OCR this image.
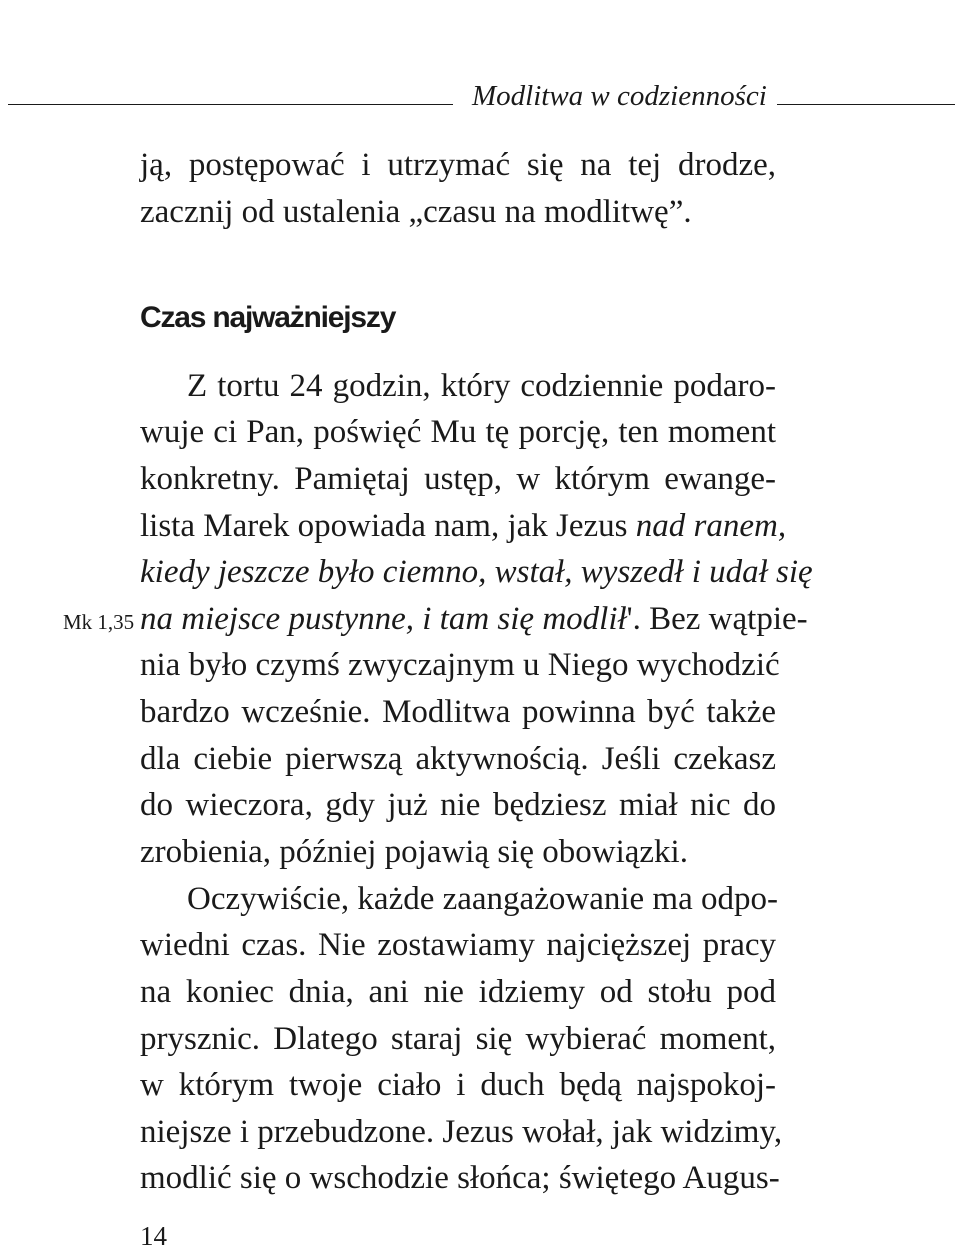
Modlitwa w codzienności
ją, postępować i utrzymać się na tej drodze,
zacznij od ustalenia „czasu na modlitwę”.
Czas najważniejszy
Z tortu 24 godzin, który codziennie podaro-
wuje ci Pan, poświęć Mu tę porcję, ten moment
konkretny. Pamiętaj ustęp, w którym ewange-
lista Marek opowiada nam, jak Jezus nad ranem,
kiedy jeszcze było ciemno, wstał, wyszedł i udał się
na miejsce pustynne, i tam się modlił'. Bez wątpie-
nia było czymś zwyczajnym u Niego wychodzić
bardzo wcześnie. Modlitwa powinna być także
dla ciebie pierwszą aktywnością. Jeśli czekasz
do wieczora, gdy już nie będziesz miał nic do
zrobienia, później pojawią się obowiązki.
Oczywiście, każde zaangażowanie ma odpo-
wiedni czas. Nie zostawiamy najcięższej pracy
na koniec dnia, ani nie idziemy od stołu pod
prysznic. Dlatego staraj się wybierać moment,
w którym twoje ciało i duch będą najspokoj-
niejsze i przebudzone. Jezus wołał, jak widzimy,
modlić się o wschodzie słońca; świętego Augus-
Mk 1,35
14
